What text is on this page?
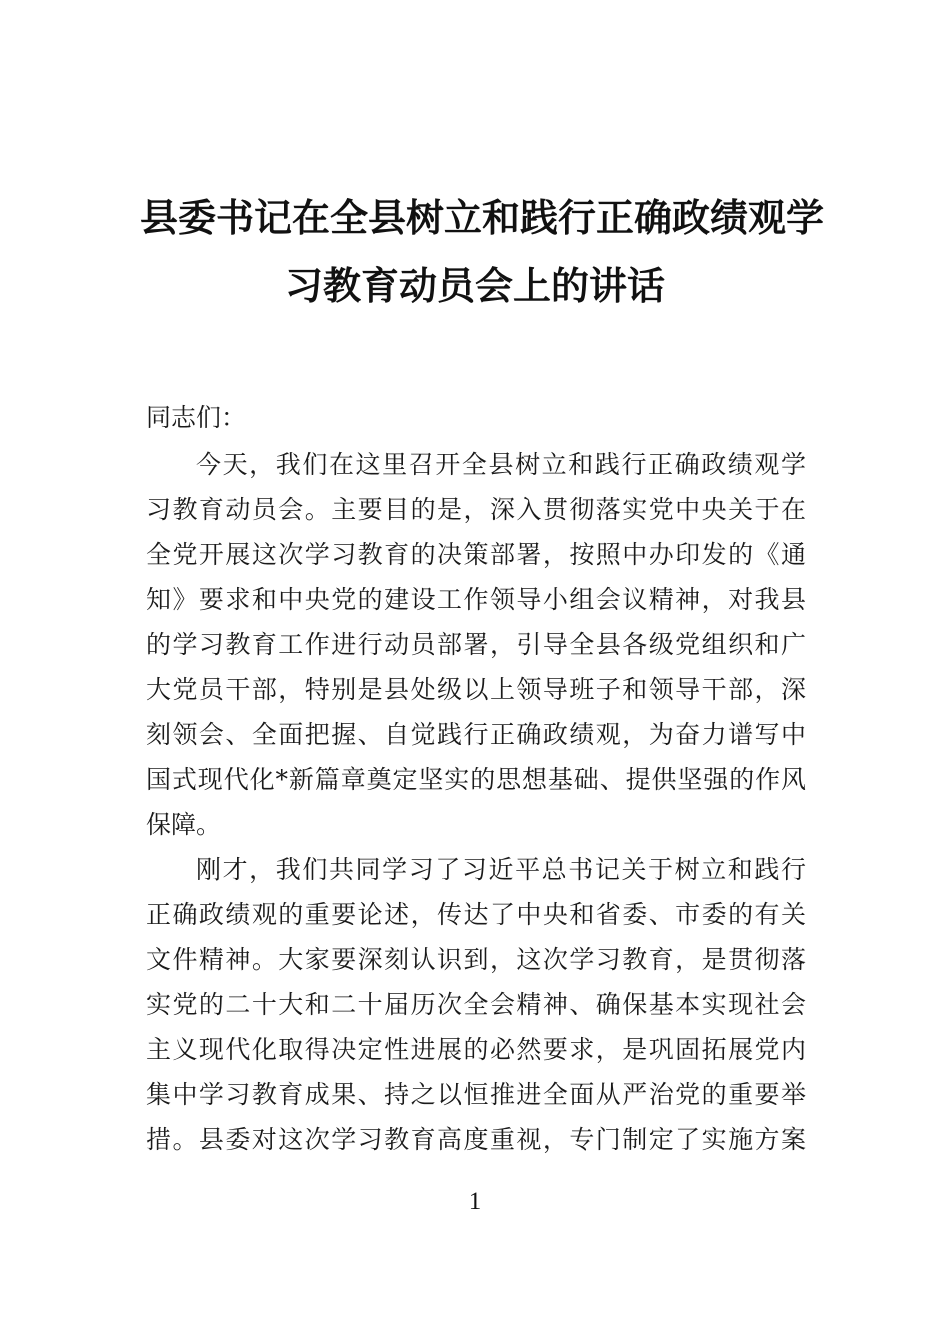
县委书记在全县树立和践行正确政绩观学
习教育动员会上的讲话
同志们：
今天，我们在这里召开全县树立和践行正确政绩观学
习教育动员会。主要目的是，深入贯彻落实党中央关于在
全党开展这次学习教育的决策部署，按照中办印发的《通
知》要求和中央党的建设工作领导小组会议精神，对我县
的学习教育工作进行动员部署，引导全县各级党组织和广
大党员干部，特别是县处级以上领导班子和领导干部，深
刻领会、全面把握、自觉践行正确政绩观，为奋力谱写中
国式现代化*新篇章奠定坚实的思想基础、提供坚强的作风
保障。
刚才，我们共同学习了习近平总书记关于树立和践行
正确政绩观的重要论述，传达了中央和省委、市委的有关
文件精神。大家要深刻认识到，这次学习教育，是贯彻落
实党的二十大和二十届历次全会精神、确保基本实现社会
主义现代化取得决定性进展的必然要求，是巩固拓展党内
集中学习教育成果、持之以恒推进全面从严治党的重要举
措。县委对这次学习教育高度重视，专门制定了实施方案
1
